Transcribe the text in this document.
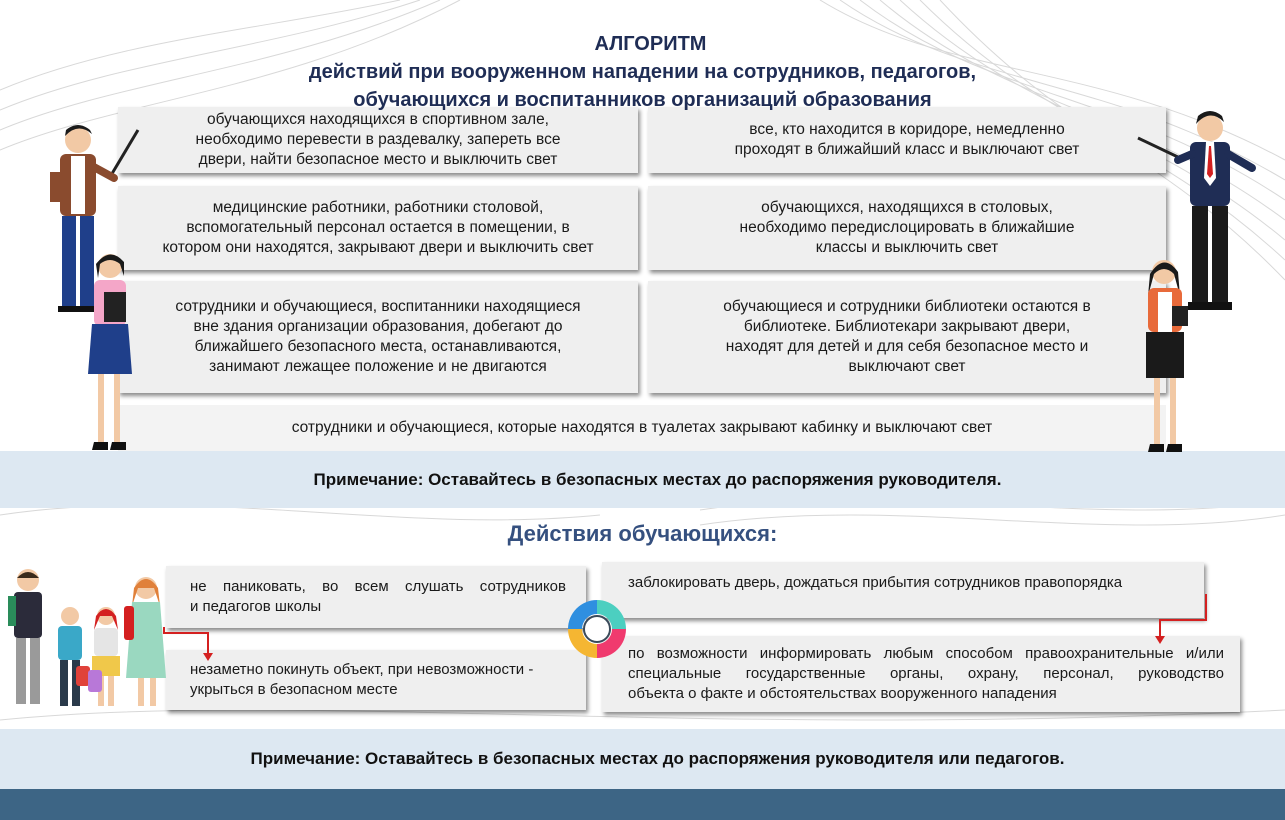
АЛГОРИТМ
действий при вооруженном нападении на сотрудников, педагогов,
обучающихся и воспитанников организаций образования
обучающихся находящихся в спортивном зале,
необходимо перевести в раздевалку, запереть все
двери, найти безопасное место и выключить свет
все, кто находится в коридоре, немедленно
проходят в ближайший класс и выключают свет
медицинские работники, работники столовой,
вспомогательный персонал остается в помещении, в
котором они находятся, закрывают двери и выключить свет
обучающихся, находящихся в столовых,
необходимо передислоцировать в ближайшие
классы и выключить свет
сотрудники и обучающиеся, воспитанники находящиеся
вне здания организации образования, добегают до
ближайшего безопасного места, останавливаются,
занимают лежащее положение и не двигаются
обучающиеся и сотрудники библиотеки остаются в
библиотеке. Библиотекари закрывают двери,
находят для детей и для себя безопасное место и
выключают свет
сотрудники и обучающиеся, которые находятся в туалетах закрывают кабинку и выключают свет
Примечание: Оставайтесь в безопасных местах до распоряжения руководителя.
Действия обучающихся:
не паниковать, во всем слушать сотрудников
и педагогов школы
незаметно покинуть объект, при невозможности -
укрыться в безопасном месте
заблокировать дверь, дождаться прибытия сотрудников правопорядка
по возможности информировать любым способом правоохранительные и/или
специальные государственные органы, охрану, персонал, руководство
объекта о факте и обстоятельствах вооруженного нападения
Примечание: Оставайтесь в безопасных местах до распоряжения руководителя или педагогов.
